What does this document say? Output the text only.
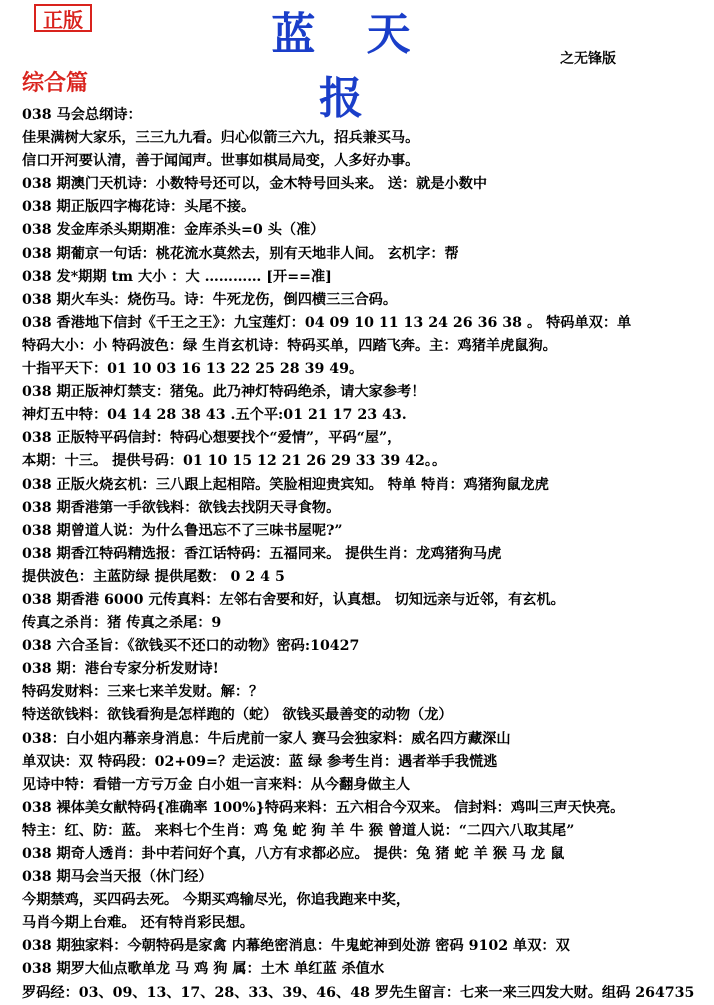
正版	蓝 天 报
之无锋版
综合篇
038 马会总纲诗：
佳果满树大家乐，三三九九看。归心似箭三六九，招兵兼买马。
信口开河要认清，善于闻闻声。世事如棋局局变，人多好办事。
038 期澳门天机诗：小数特号还可以，金木特号回头来。 送：就是小数中
038 期正版四字梅花诗：头尾不接。
038 发金库杀头期期准：金库杀头=0 头（准）
038 期葡京一句话：桃花流水莫然去，别有天地非人间。 玄机字：帮
038 发*期期 tm 大小 ：大 ………… [开==准]
038 期火车头：烧伤马。诗：牛死龙伤，倒四横三三合码。
038 香港地下信封《千王之王》：九宝莲灯：04 09 10 11 13 24 26 36 38 。 特码单双：单
特码大小：小 特码波色：绿 生肖玄机诗：特码买单，四踏飞奔。主：鸡猪羊虎鼠狗。
十指平天下：01 10 03 16 13 22 25 28 39 49。
038 期正版神灯禁支：猪兔。此乃神灯特码绝杀，请大家参考！
神灯五中特：04 14 28 38 43 .五个平:01 21 17 23 43.
038 正版特平码信封：特码心想要找个“爱情”，平码“屋”，
本期：十三。 提供号码：01 10 15 12 21 26 29 33 39 42。。
038 正版火烧玄机：三八跟上起相陪。笑脸相迎贵宾知。 特单 特肖：鸡猪狗鼠龙虎
038 期香港第一手欲钱料：欲钱去找阴天寻食物。
038 期曾道人说：为什么鲁迅忘不了三味书屋呢?”
038 期香江特码精选报：香江话特码：五福同来。 提供生肖：龙鸡猪狗马虎
提供波色：主蓝防绿 提供尾数： 0 2 4 5
038 期香港 6000 元传真料：左邻右舍要和好，认真想。 切知远亲与近邻，有玄机。
传真之杀肖：猪 传真之杀尾：9
038 六合圣旨：《欲钱买不还口的动物》密码:10427
038 期：港台专家分析发财诗!
特码发财料：三来七来羊发财。解：？
特送欲钱料：欲钱看狗是怎样跑的（蛇） 欲钱买最善变的动物（龙）
038：白小姐内幕亲身消息：牛后虎前一家人 赛马会独家料：威名四方藏深山
单双诀：双 特码段：02+09=？走运波：蓝 绿 参考生肖：遇者举手我慌逃
见诗中特：看错一方亏万金 白小姐一言来料：从今翻身做主人
038 裸体美女献特码{准确率 100%}特码来料：五六相合今双来。 信封料：鸡叫三声天快亮。
特主：红、防：蓝。 来料七个生肖：鸡 兔 蛇 狗 羊 牛 猴 曾道人说：“二四六八取其尾”
038 期奇人透肖：卦中若问好个真，八方有求都必应。 提供：兔 猪 蛇 羊 猴 马 龙 鼠
038 期马会当天报（休门经）
今期禁鸡，买四码去死。 今期买鸡输尽光，你追我跑来中奖，
马肖今期上台难。 还有特肖彩民想。
038 期独家料：今朝特码是家禽 内幕绝密消息：牛鬼蛇神到处游 密码 9102 单双：双
038 期罗大仙点歌单龙 马 鸡 狗 属：土木 单红蓝 杀值水
罗码经：03、09、13、17、28、33、39、46、48 罗先生留言：七来一来三四发大财。组码 264735
